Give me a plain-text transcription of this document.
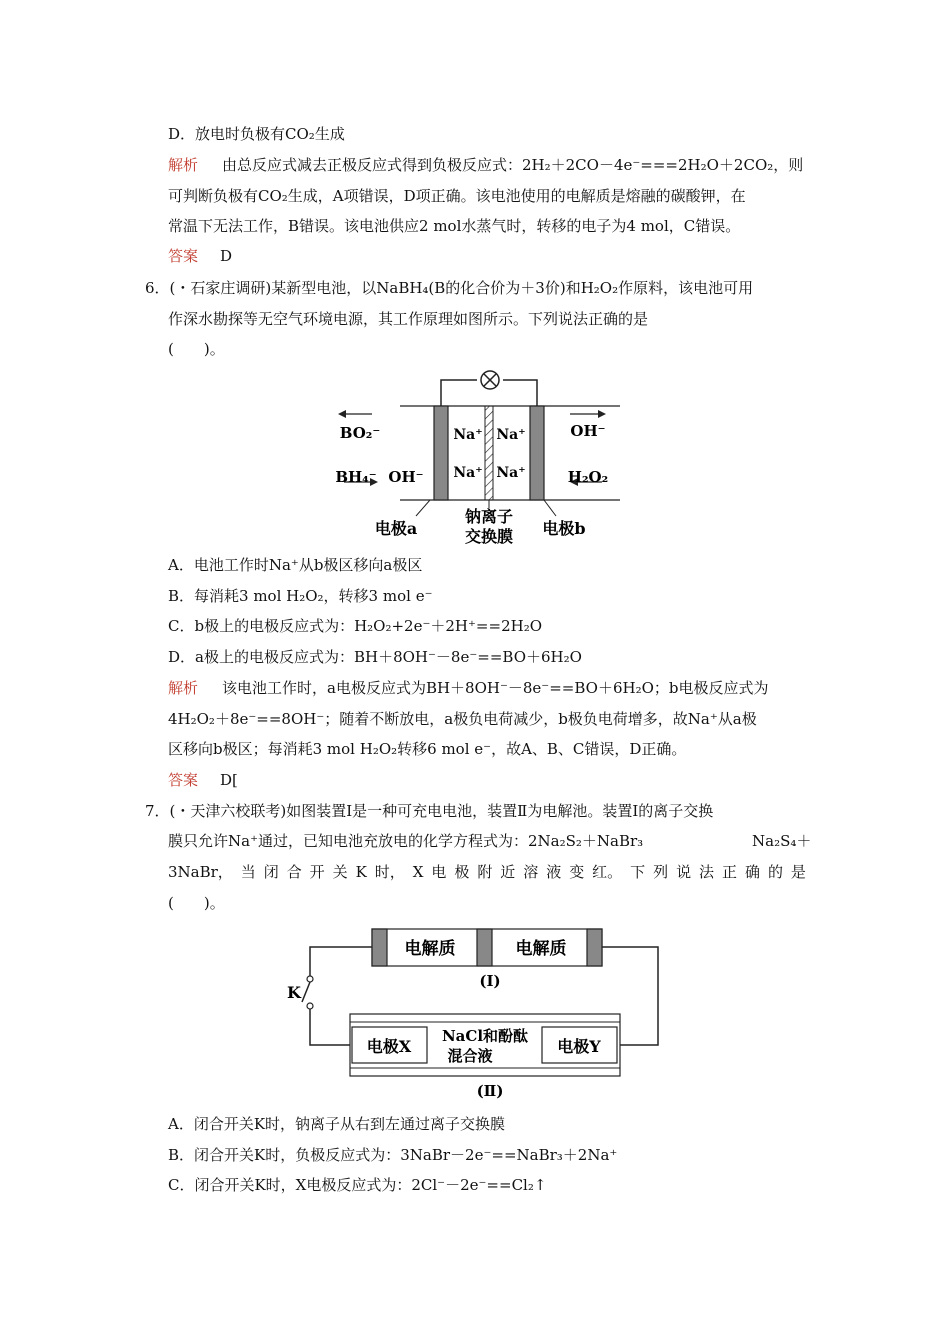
D．放电时负极有CO₂生成
解析 由总反应式减去正极反应式得到负极反应式：2H₂＋2CO－4e⁻===2H₂O＋2CO₂，则
可判断负极有CO₂生成，A项错误，D项正确。该电池使用的电解质是熔融的碳酸钾，在
常温下无法工作，B错误。该电池供应2 mol水蒸气时，转移的电子为4 mol，C错误。
答案 D
6．(・石家庄调研)某新型电池，以NaBH₄(B的化合价为＋3价)和H₂O₂作原料，该电池可用
作深水勘探等无空气环境电源，其工作原理如图所示。下列说法正确的是
(　　)。
BO₂⁻
BH₄⁻ OH⁻
Na⁺ Na⁺
Na⁺ Na⁺
OH⁻
H₂O₂
电极a
钠离子
交换膜 电极b
A．电池工作时Na⁺从b极区移向a极区
B．每消耗3 mol H₂O₂，转移3 mol e⁻
C．b极上的电极反应式为：H₂O₂+2e⁻＋2H⁺==2H₂O
D．a极上的电极反应式为：BH＋8OH⁻－8e⁻==BO＋6H₂O
解析 该电池工作时，a电极反应式为BH＋8OH⁻－8e⁻==BO＋6H₂O；b电极反应式为
4H₂O₂＋8e⁻==8OH⁻；随着不断放电，a极负电荷减少，b极负电荷增多，故Na⁺从a极
区移向b极区；每消耗3 mol H₂O₂转移6 mol e⁻，故A、B、C错误，D正确。
答案 D[
7．(・天津六校联考)如图装置Ⅰ是一种可充电电池，装置Ⅱ为电解池。装置Ⅰ的离子交换
膜只允许Na⁺通过，已知电池充放电的化学方程式为：2Na₂S₂＋NaBr₃	Na₂S₄＋
3NaBr， 当 闭 合 开 关 K 时， X 电 极 附 近 溶 液 变 红。 下 列 说 法 正 确 的 是
(　　)。
电解质	电解质
(Ⅰ)
K
电极X	电极Y
NaCl和酚酞
混合液
(Ⅱ)
A．闭合开关K时，钠离子从右到左通过离子交换膜
B．闭合开关K时，负极反应式为：3NaBr－2e⁻==NaBr₃＋2Na⁺
C．闭合开关K时，X电极反应式为：2Cl⁻－2e⁻==Cl₂↑
